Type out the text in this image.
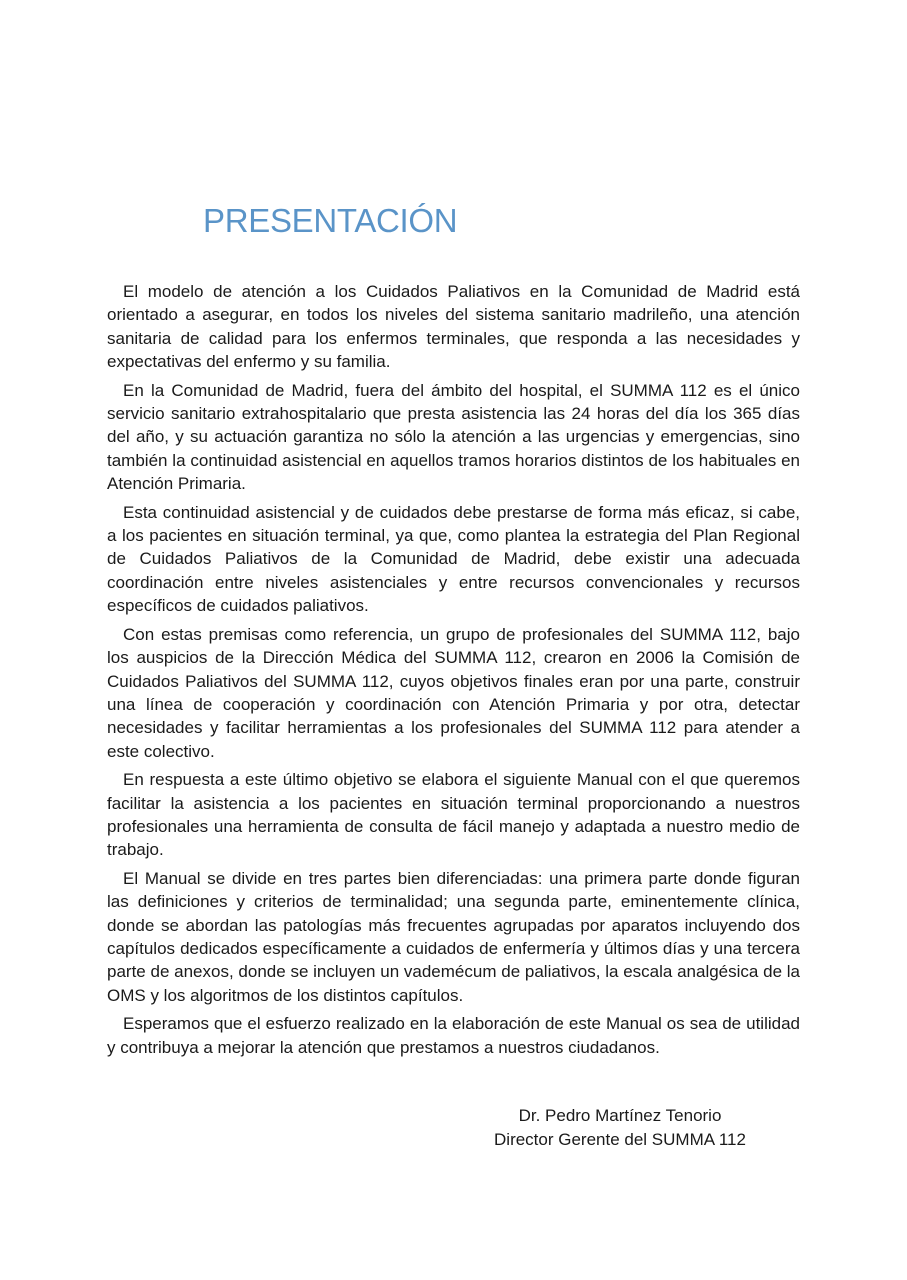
PRESENTACIÓN

El modelo de atención a los Cuidados Paliativos en la Comunidad de Madrid está orientado a asegurar, en todos los niveles del sistema sanitario madrileño, una atención sanitaria de calidad para los enfermos terminales, que responda a las necesidades y expectativas del enfermo y su familia.

En la Comunidad de Madrid, fuera del ámbito del hospital, el SUMMA 112 es el único servicio sanitario extrahospitalario que presta asistencia las 24 horas del día los 365 días del año, y su actuación garantiza no sólo la atención a las urgencias y emergencias, sino también la continuidad asistencial en aquellos tramos horarios distintos de los habituales en Atención Primaria.

Esta continuidad asistencial y de cuidados debe prestarse de forma más eficaz, si cabe, a los pacientes en situación terminal, ya que, como plantea la estrategia del Plan Regional de Cuidados Paliativos de la Comunidad de Madrid, debe existir una adecuada coordinación entre niveles asistenciales y entre recursos convencionales y recursos específicos de cuidados paliativos.

Con estas premisas como referencia, un grupo de profesionales del SUMMA 112, bajo los auspicios de la Dirección Médica del SUMMA 112, crearon en 2006 la Comisión de Cuidados Paliativos del SUMMA 112, cuyos objetivos finales eran por una parte, construir una línea de cooperación y coordinación con Atención Primaria y por otra, detectar necesidades y facilitar herramientas a los profesionales del SUMMA 112 para atender a este colectivo.

En respuesta a este último objetivo se elabora el siguiente Manual con el que queremos facilitar la asistencia a los pacientes en situación terminal proporcionando a nuestros profesionales una herramienta de consulta de fácil manejo y adaptada a nuestro medio de trabajo.

El Manual se divide en tres partes bien diferenciadas: una primera parte donde figuran las definiciones y criterios de terminalidad; una segunda parte, eminentemente clínica, donde se abordan las patologías más frecuentes agrupadas por aparatos incluyendo dos capítulos dedicados específicamente a cuidados de enfermería y últimos días y una tercera parte de anexos, donde se incluyen un vademécum de paliativos, la escala analgésica de la OMS y los algoritmos de los distintos capítulos.

Esperamos que el esfuerzo realizado en la elaboración de este Manual os sea de utilidad y contribuya a mejorar la atención que prestamos a nuestros ciudadanos.

Dr. Pedro Martínez Tenorio
Director Gerente del SUMMA 112
